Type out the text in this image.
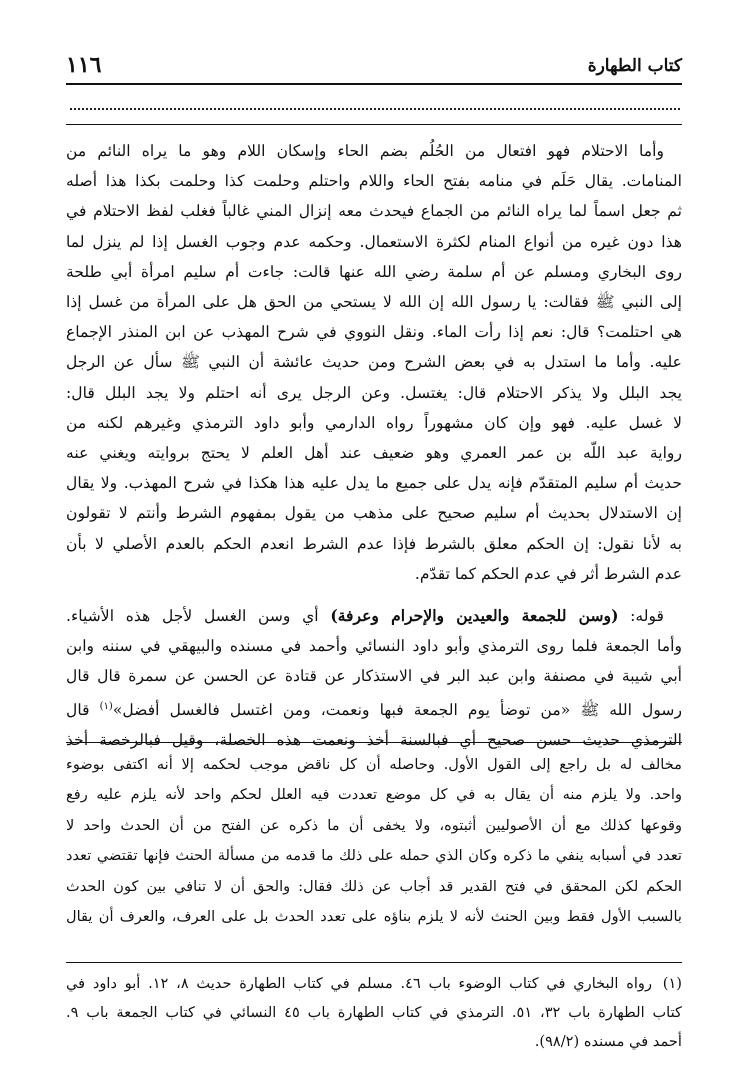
١١٦	كتاب الطهارة
وأما الاحتلام فهو افتعال من الحُلُم بضم الحاء وإسكان اللام وهو ما يراه النائم من
المنامات. يقال حَلَم في منامه بفتح الحاء واللام واحتلم وحلمت كذا وحلمت بكذا هذا أصله
ثم جعل اسماً لما يراه النائم من الجماع فيحدث معه إنزال المني غالباً فغلب لفظ الاحتلام في
هذا دون غيره من أنواع المنام لكثرة الاستعمال. وحكمه عدم وجوب الغسل إذا لم ينزل لما
روى البخاري ومسلم عن أم سلمة رضي الله عنها قالت: جاءت أم سليم امرأة أبي طلحة
إلى النبي ﷺ فقالت: يا رسول الله إن الله لا يستحي من الحق هل على المرأة من غسل إذا
هي احتلمت؟ قال: نعم إذا رأت الماء. ونقل النووي في شرح المهذب عن ابن المنذر الإجماع
عليه. وأما ما استدل به في بعض الشرح ومن حديث عائشة أن النبي ﷺ سأل عن الرجل
يجد البلل ولا يذكر الاحتلام قال: يغتسل. وعن الرجل يرى أنه احتلم ولا يجد البلل قال:
لا غسل عليه. فهو وإن كان مشهوراً رواه الدارمي وأبو داود الترمذي وغيرهم لكنه من
رواية عبد اللّه بن عمر العمري وهو ضعيف عند أهل العلم لا يحتج بروايته ويغني عنه
حديث أم سليم المتقدّم فإنه يدل على جميع ما يدل عليه هذا هكذا في شرح المهذب. ولا يقال
إن الاستدلال بحديث أم سليم صحيح على مذهب من يقول بمفهوم الشرط وأنتم لا تقولون
به لأنا نقول: إن الحكم معلق بالشرط فإذا عدم الشرط انعدم الحكم بالعدم الأصلي لا بأن
عدم الشرط أثر في عدم الحكم كما تقدّم.
قوله: (وسن للجمعة والعيدين والإحرام وعرفة) أي وسن الغسل لأجل هذه الأشياء.
وأما الجمعة فلما روى الترمذي وأبو داود النسائي وأحمد في مسنده والبيهقي في سننه وابن
أبي شيبة في مصنفة وابن عبد البر في الاستذكار عن قتادة عن الحسن عن سمرة قال قال
رسول الله ﷺ «من توضأ يوم الجمعة فبها ونعمت، ومن اغتسل فالغسل أفضل»$^{(١)}$ قال
الترمذي حديث حسن صحيح أي فبالسنة أخذ ونعمت هذه الخصلة، وقيل فبالرخصة أخذ
مخالف له بل راجع إلى القول الأول. وحاصله أن كل ناقض موجب لحكمه إلا أنه اكتفى بوضوء
واحد. ولا يلزم منه أن يقال به في كل موضع تعددت فيه العلل لحكم واحد لأنه يلزم عليه رفع
وقوعها كذلك مع أن الأصوليين أثبتوه، ولا يخفى أن ما ذكره عن الفتح من أن الحدث واحد لا
تعدد في أسبابه ينفي ما ذكره وكان الذي حمله على ذلك ما قدمه من مسألة الحنث فإنها تقتضي تعدد
الحكم لكن المحقق في فتح القدير قد أجاب عن ذلك فقال: والحق أن لا تنافي بين كون الحدث
بالسبب الأول فقط وبين الحنث لأنه لا يلزم بناؤه على تعدد الحدث بل على العرف، والعرف أن يقال
(١)رواه البخاري في كتاب الوضوء باب ٤٦. مسلم في كتاب الطهارة حديث ٨، ١٢. أبو داود في
كتاب الطهارة باب ٣٢، ٥١. الترمذي في كتاب الطهارة باب ٤٥ النسائي في كتاب الجمعة باب ٩.
أحمد في مسنده (٩٨/٢).
